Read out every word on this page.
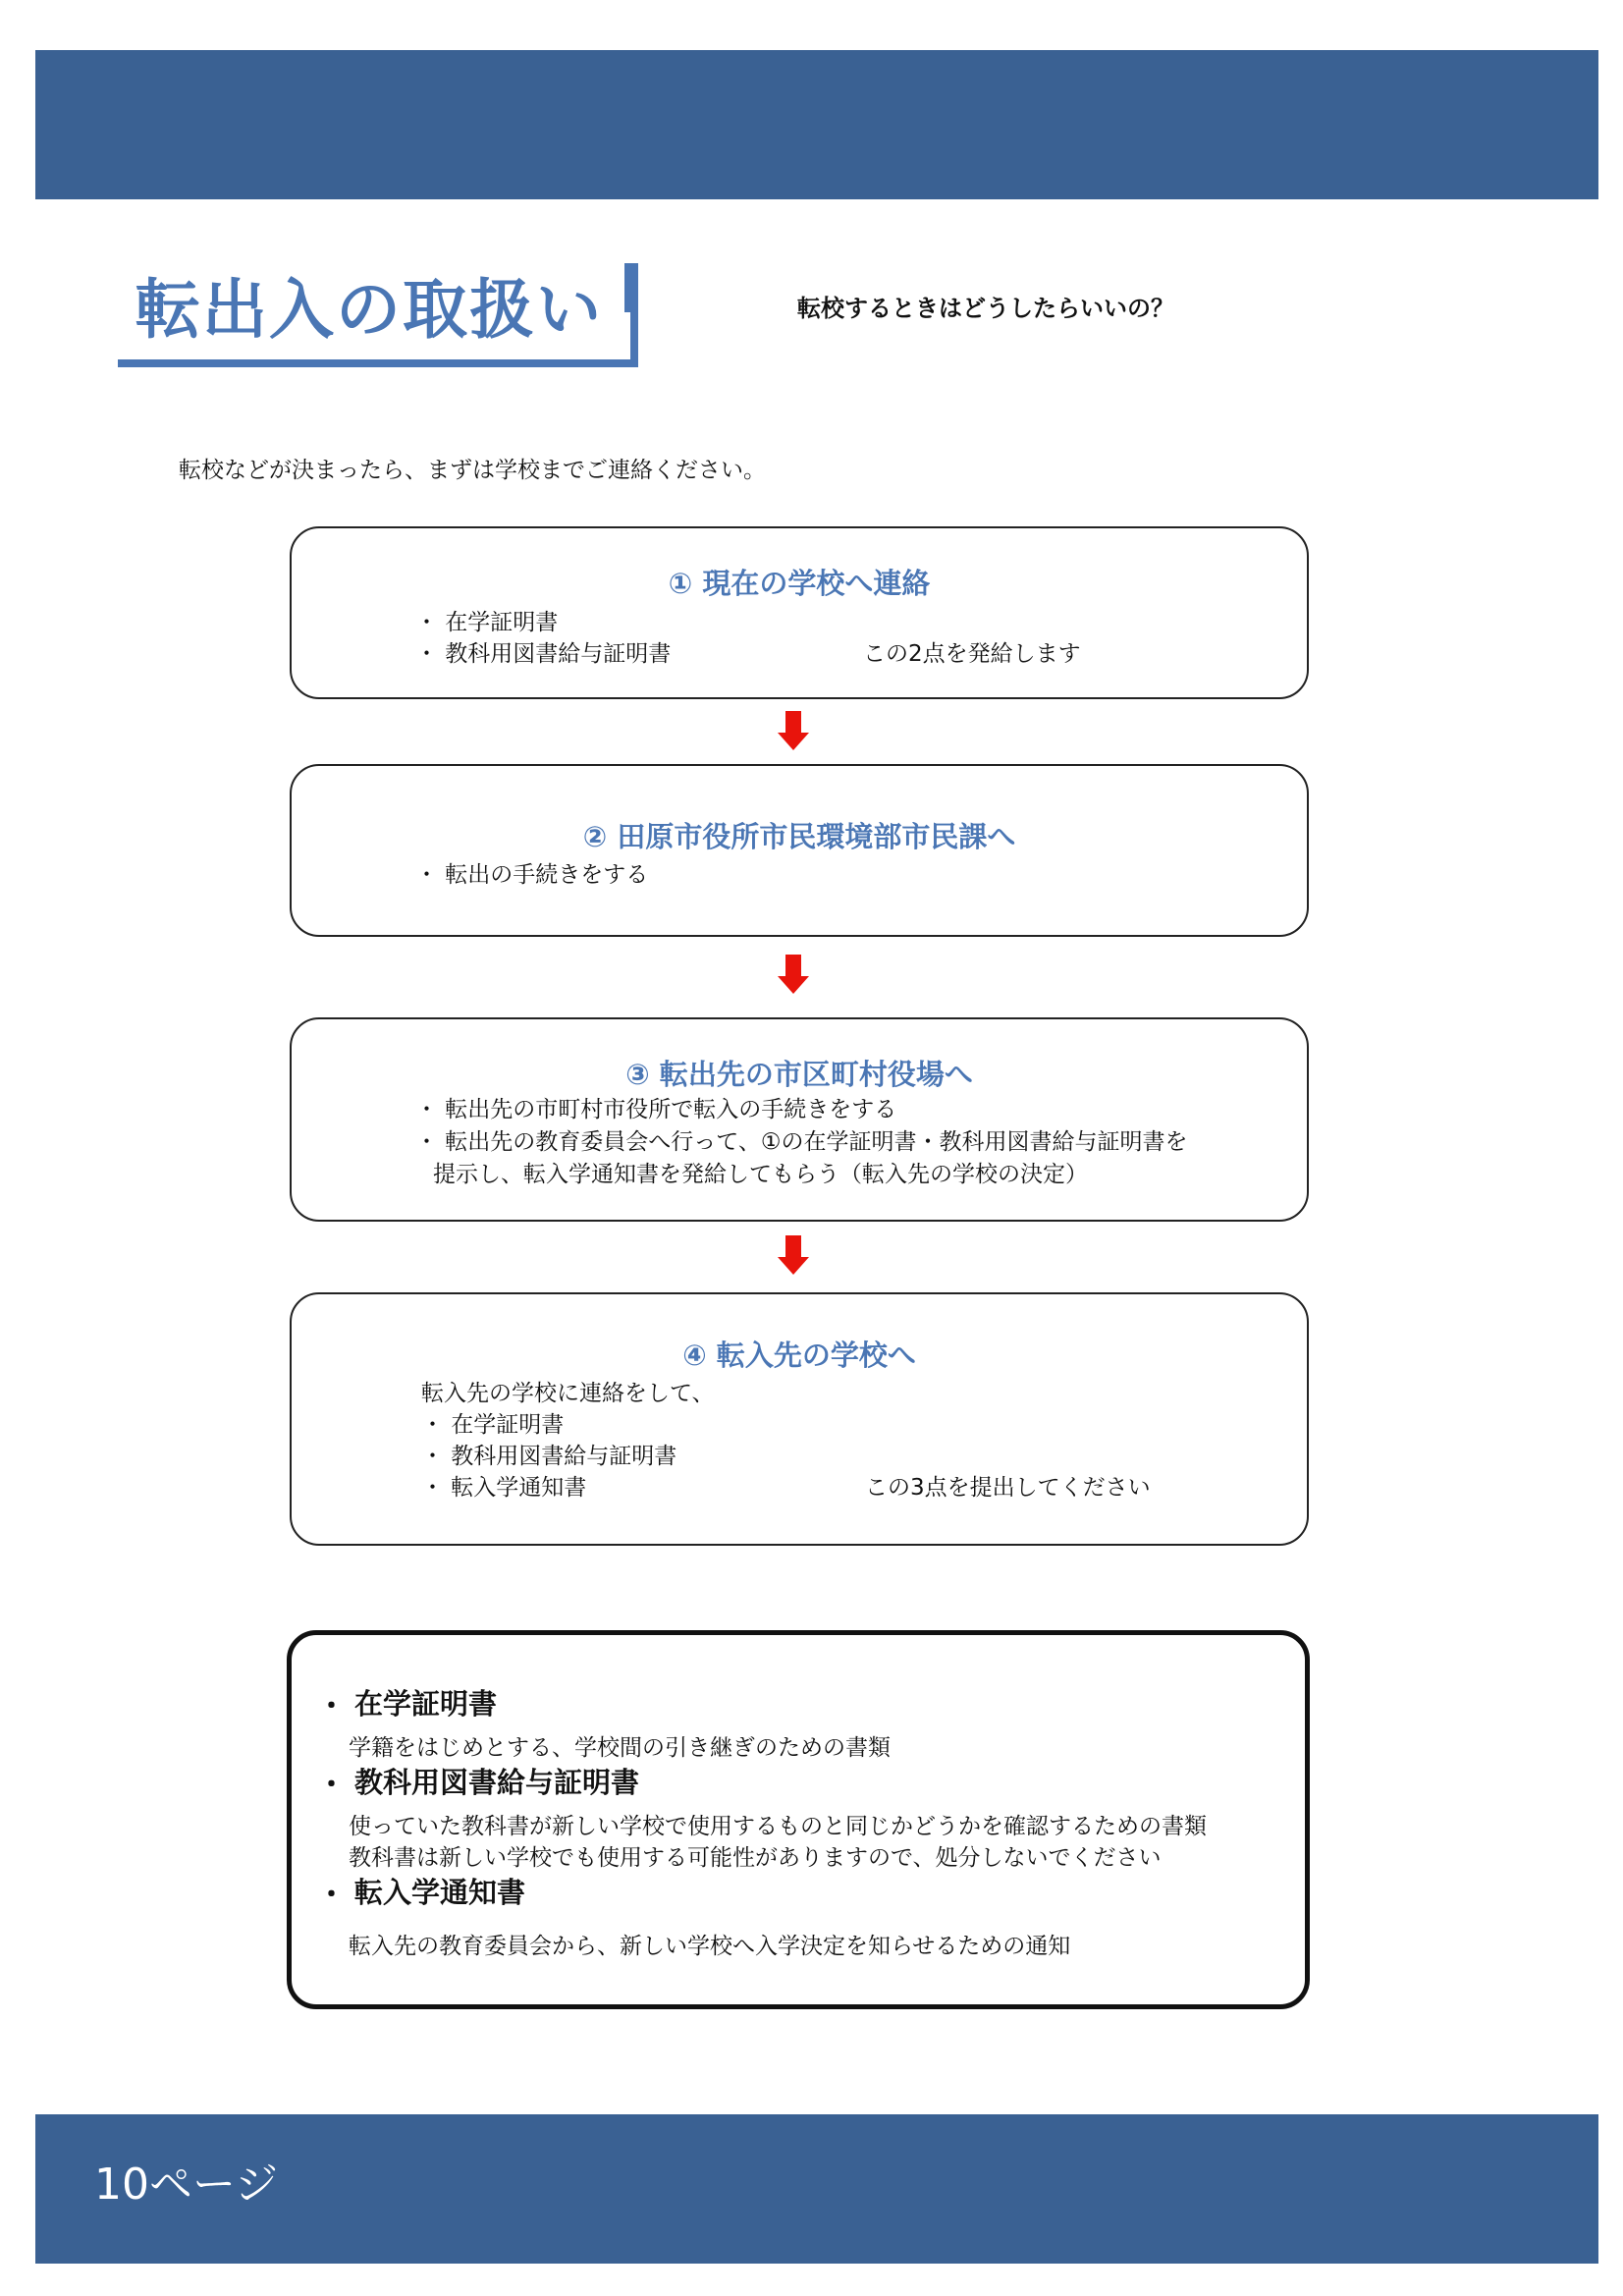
転出入の取扱い	転校するときはどうしたらいいの？
転校などが決まったら、まずは学校までご連絡ください。
① 現在の学校へ連絡
・ 在学証明書
・ 教科用図書給与証明書	この2点を発給します
② 田原市役所市民環境部市民課へ
・ 転出の手続きをする
③ 転出先の市区町村役場へ
・ 転出先の市町村市役所で転入の手続きをする
・ 転出先の教育委員会へ行って、①の在学証明書・教科用図書給与証明書を
提示し、転入学通知書を発給してもらう（転入先の学校の決定）
④ 転入先の学校へ
転入先の学校に連絡をして、
・ 在学証明書
・ 教科用図書給与証明書
・ 転入学通知書	この3点を提出してください
・ 在学証明書
学籍をはじめとする、学校間の引き継ぎのための書類
・ 教科用図書給与証明書
使っていた教科書が新しい学校で使用するものと同じかどうかを確認するための書類
教科書は新しい学校でも使用する可能性がありますので、処分しないでください
・ 転入学通知書
転入先の教育委員会から、新しい学校へ入学決定を知らせるための通知
10ページ
